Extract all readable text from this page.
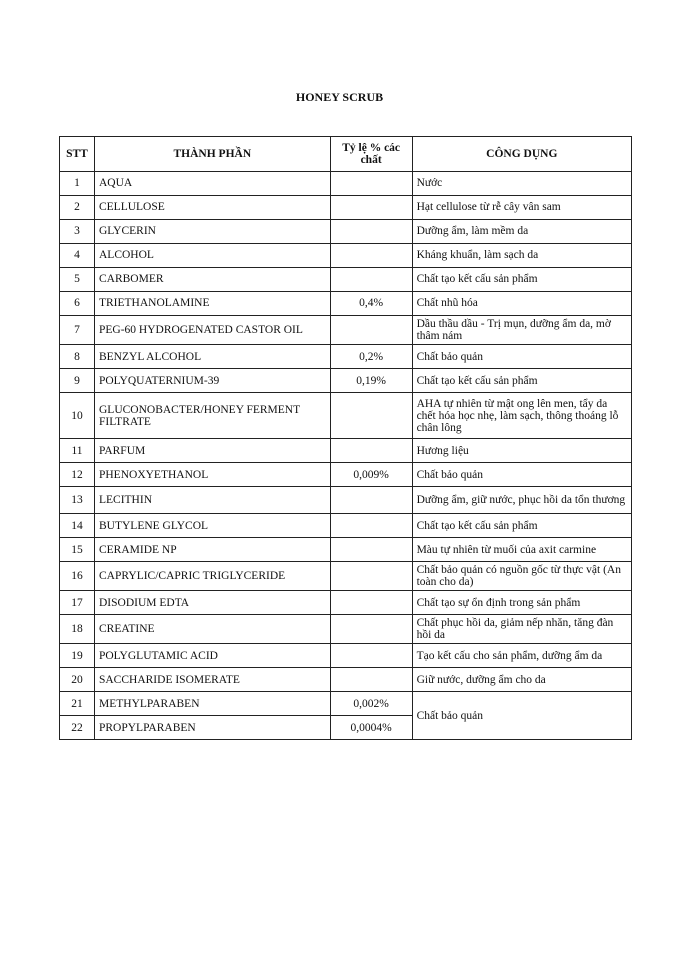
HONEY SCRUB
STT	THÀNH PHẦN	Tỷ lệ % các chất	CÔNG DỤNG
1	AQUA		Nước
2	CELLULOSE		Hạt cellulose từ rễ cây vân sam
3	GLYCERIN		Dưỡng ẩm, làm mềm da
4	ALCOHOL		Kháng khuẩn, làm sạch da
5	CARBOMER		Chất tạo kết cấu sản phẩm
6	TRIETHANOLAMINE	0,4%	Chất nhũ hóa
7	PEG-60 HYDROGENATED CASTOR OIL		Dầu thầu dầu - Trị mụn, dưỡng ẩm da, mờ thâm nám
8	BENZYL ALCOHOL	0,2%	Chất bảo quản
9	POLYQUATERNIUM-39	0,19%	Chất tạo kết cấu sản phẩm
10	GLUCONOBACTER/HONEY FERMENT FILTRATE		AHA tự nhiên từ mật ong lên men, tẩy da chết hóa học nhẹ, làm sạch, thông thoáng lỗ chân lông
11	PARFUM		Hương liệu
12	PHENOXYETHANOL	0,009%	Chất bảo quản
13	LECITHIN		Dưỡng ẩm, giữ nước, phục hồi da tổn thương
14	BUTYLENE GLYCOL		Chất tạo kết cấu sản phẩm
15	CERAMIDE NP		Màu tự nhiên từ muối của axit carmine
16	CAPRYLIC/CAPRIC TRIGLYCERIDE		Chất bảo quản có nguồn gốc từ thực vật (An toàn cho da)
17	DISODIUM EDTA		Chất tạo sự ổn định trong sản phẩm
18	CREATINE		Chất phục hồi da, giảm nếp nhăn, tăng đàn hồi da
19	POLYGLUTAMIC ACID		Tạo kết cấu cho sản phẩm, dưỡng ẩm da
20	SACCHARIDE ISOMERATE		Giữ nước, dưỡng ẩm cho da
21	METHYLPARABEN	0,002%	Chất bảo quản
22	PROPYLPARABEN	0,0004%	
